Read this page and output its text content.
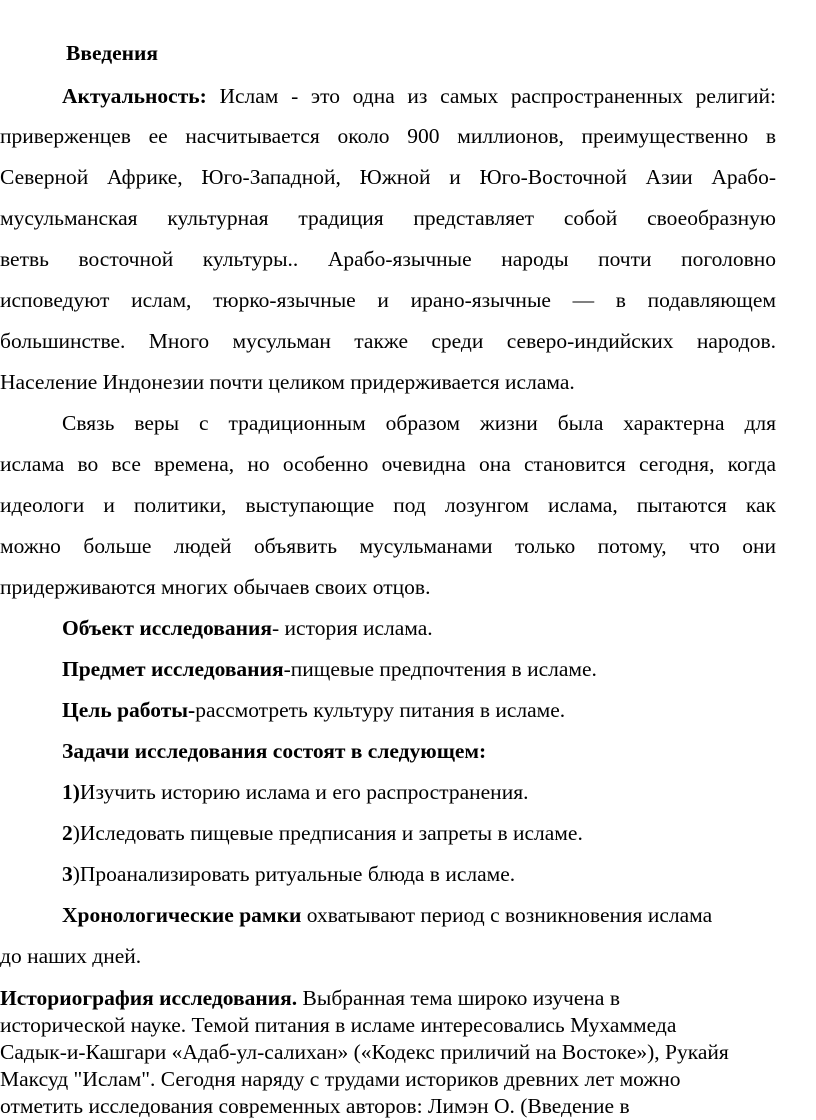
Введения
Актуальность: Ислам - это одна из самых распространенных религий:
приверженцев ее насчитывается около 900 миллионов, преимущественно в
Северной Африке, Юго-Западной, Южной и Юго-Восточной Азии Арабо-
мусульманская культурная традиция представляет собой своеобразную
ветвь восточной культуры.. Арабо-язычные народы почти поголовно
исповедуют ислам, тюрко-язычные и ирано-язычные — в подавляющем
большинстве. Много мусульман также среди северо-индийских народов.
Население Индонезии почти целиком придерживается ислама.
Связь веры с традиционным образом жизни была характерна для
ислама во все времена, но особенно очевидна она становится сегодня, когда
идеологи и политики, выступающие под лозунгом ислама, пытаются как
можно больше людей объявить мусульманами только потому, что они
придерживаются многих обычаев своих отцов.
Объект исследования- история ислама.
Предмет исследования-пищевые предпочтения в исламе.
Цель работы-рассмотреть культуру питания в исламе.
Задачи исследования состоят в следующем:
1)Изучить историю ислама и его распространения.
2)Иследовать пищевые предписания и запреты в исламе.
3)Проанализировать ритуальные блюда в исламе.
Хронологические рамки охватывают период с возникновения ислама
до наших дней.
Историография исследования. Выбранная тема широко изучена в
исторической науке. Темой питания в исламе интересовались Мухаммеда
Садык-и-Кашгари «Адаб-ул-салихан» («Кодекс приличий на Востоке»), Рукайя
Максуд "Ислам". Сегодня наряду с трудами историков древних лет можно
отметить исследования современных авторов: Лимэн О. (Введение в
